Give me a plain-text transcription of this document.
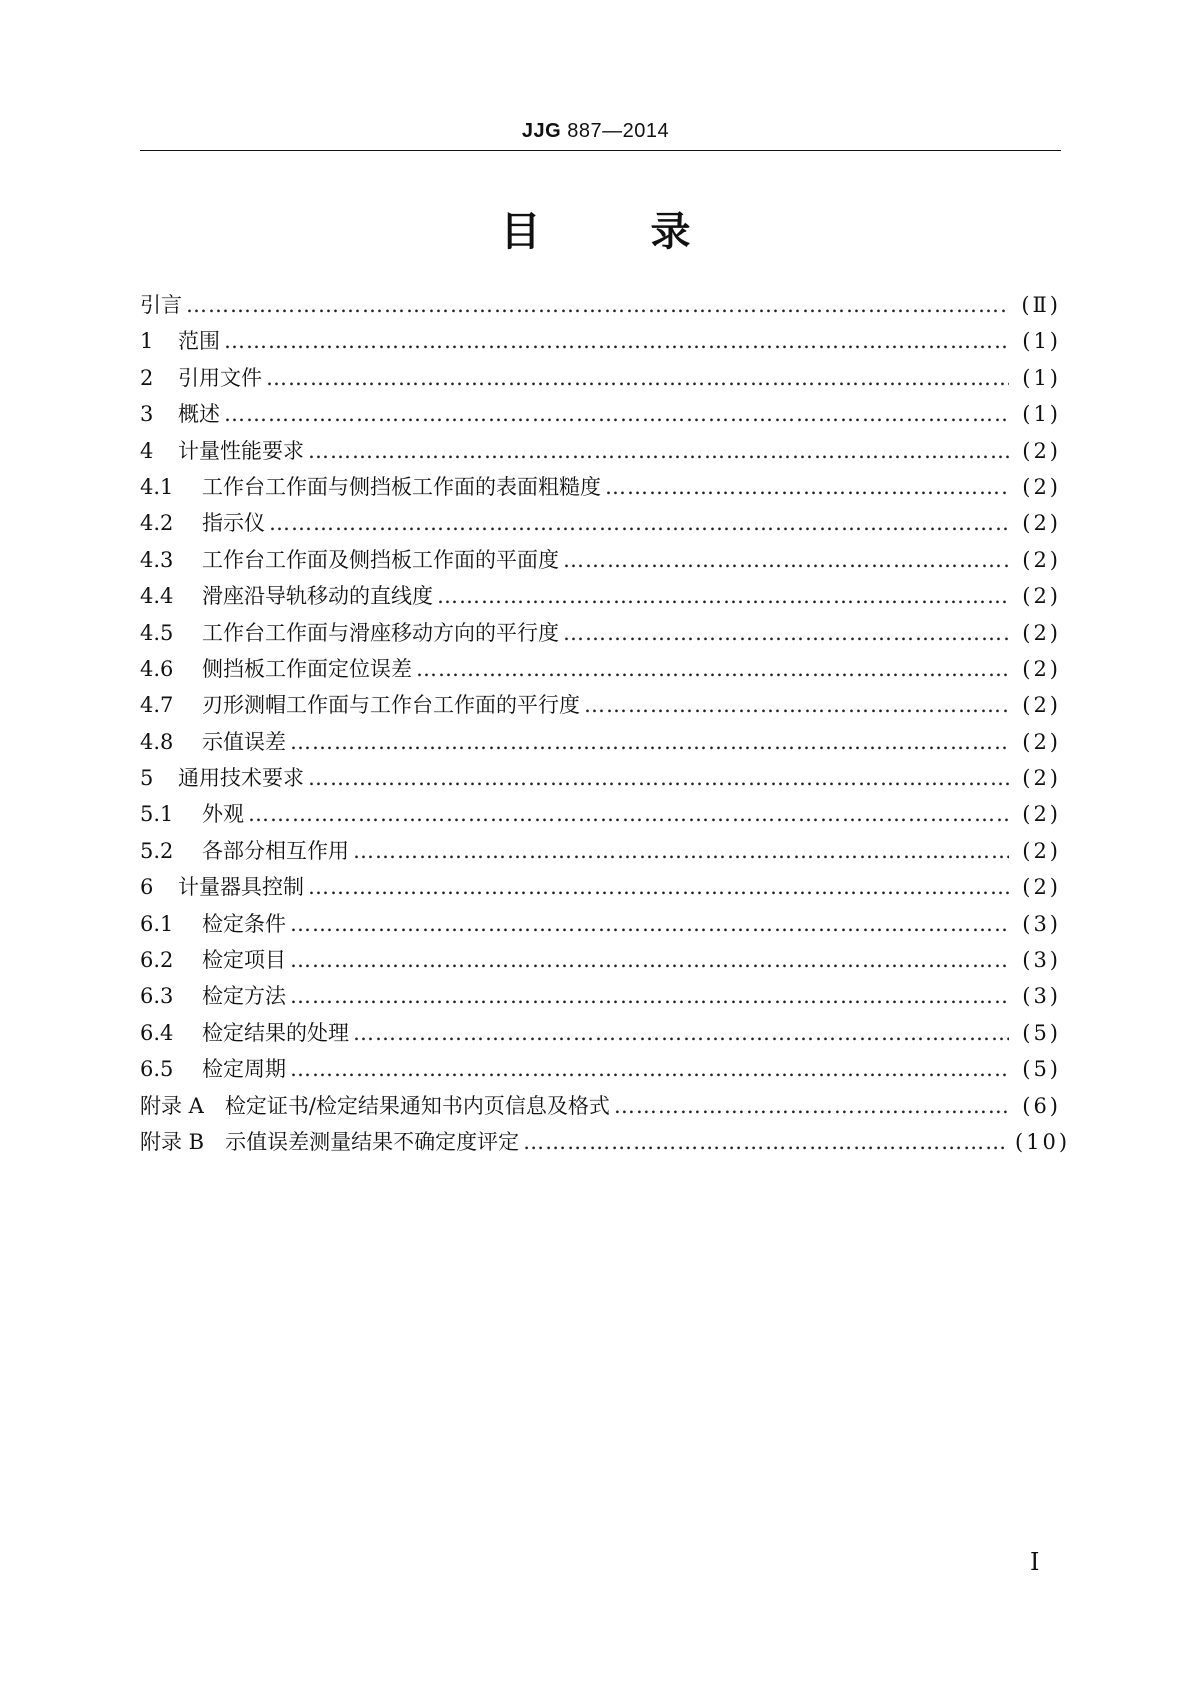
JJG 887—2014
目	录
引言 ……………………………………………………………………………………………………………………………………………………………………………………………………………………………………	(Ⅱ)
1	范围 ……………………………………………………………………………………………………………………………………………………………………………………………………………………………………	(1)
2	引用文件 ……………………………………………………………………………………………………………………………………………………………………………………………………………………………………	(1)
3	概述 ……………………………………………………………………………………………………………………………………………………………………………………………………………………………………	(1)
4	计量性能要求 ……………………………………………………………………………………………………………………………………………………………………………………………………………………………………	(2)
4.1	工作台工作面与侧挡板工作面的表面粗糙度 ……………………………………………………………………………………………………………………………………………………………………………………………………………………………………	(2)
4.2	指示仪 ……………………………………………………………………………………………………………………………………………………………………………………………………………………………………	(2)
4.3	工作台工作面及侧挡板工作面的平面度 ……………………………………………………………………………………………………………………………………………………………………………………………………………………………………	(2)
4.4	滑座沿导轨移动的直线度 ……………………………………………………………………………………………………………………………………………………………………………………………………………………………………	(2)
4.5	工作台工作面与滑座移动方向的平行度 ……………………………………………………………………………………………………………………………………………………………………………………………………………………………………	(2)
4.6	侧挡板工作面定位误差 ……………………………………………………………………………………………………………………………………………………………………………………………………………………………………	(2)
4.7	刃形测帽工作面与工作台工作面的平行度 ……………………………………………………………………………………………………………………………………………………………………………………………………………………………………	(2)
4.8	示值误差 ……………………………………………………………………………………………………………………………………………………………………………………………………………………………………	(2)
5	通用技术要求 ……………………………………………………………………………………………………………………………………………………………………………………………………………………………………	(2)
5.1	外观 ……………………………………………………………………………………………………………………………………………………………………………………………………………………………………	(2)
5.2	各部分相互作用 ……………………………………………………………………………………………………………………………………………………………………………………………………………………………………	(2)
6	计量器具控制 ……………………………………………………………………………………………………………………………………………………………………………………………………………………………………	(2)
6.1	检定条件 ……………………………………………………………………………………………………………………………………………………………………………………………………………………………………	(3)
6.2	检定项目 ……………………………………………………………………………………………………………………………………………………………………………………………………………………………………	(3)
6.3	检定方法 ……………………………………………………………………………………………………………………………………………………………………………………………………………………………………	(3)
6.4	检定结果的处理 ……………………………………………………………………………………………………………………………………………………………………………………………………………………………………	(5)
6.5	检定周期 ……………………………………………………………………………………………………………………………………………………………………………………………………………………………………	(5)
附录 A　检定证书/检定结果通知书内页信息及格式 ……………………………………………………………………………………………………………………………………………………………………………………………………………………………………	(6)
附录 B　示值误差测量结果不确定度评定 ……………………………………………………………………………………………………………………………………………………………………………………………………………………………………	(10)
I
